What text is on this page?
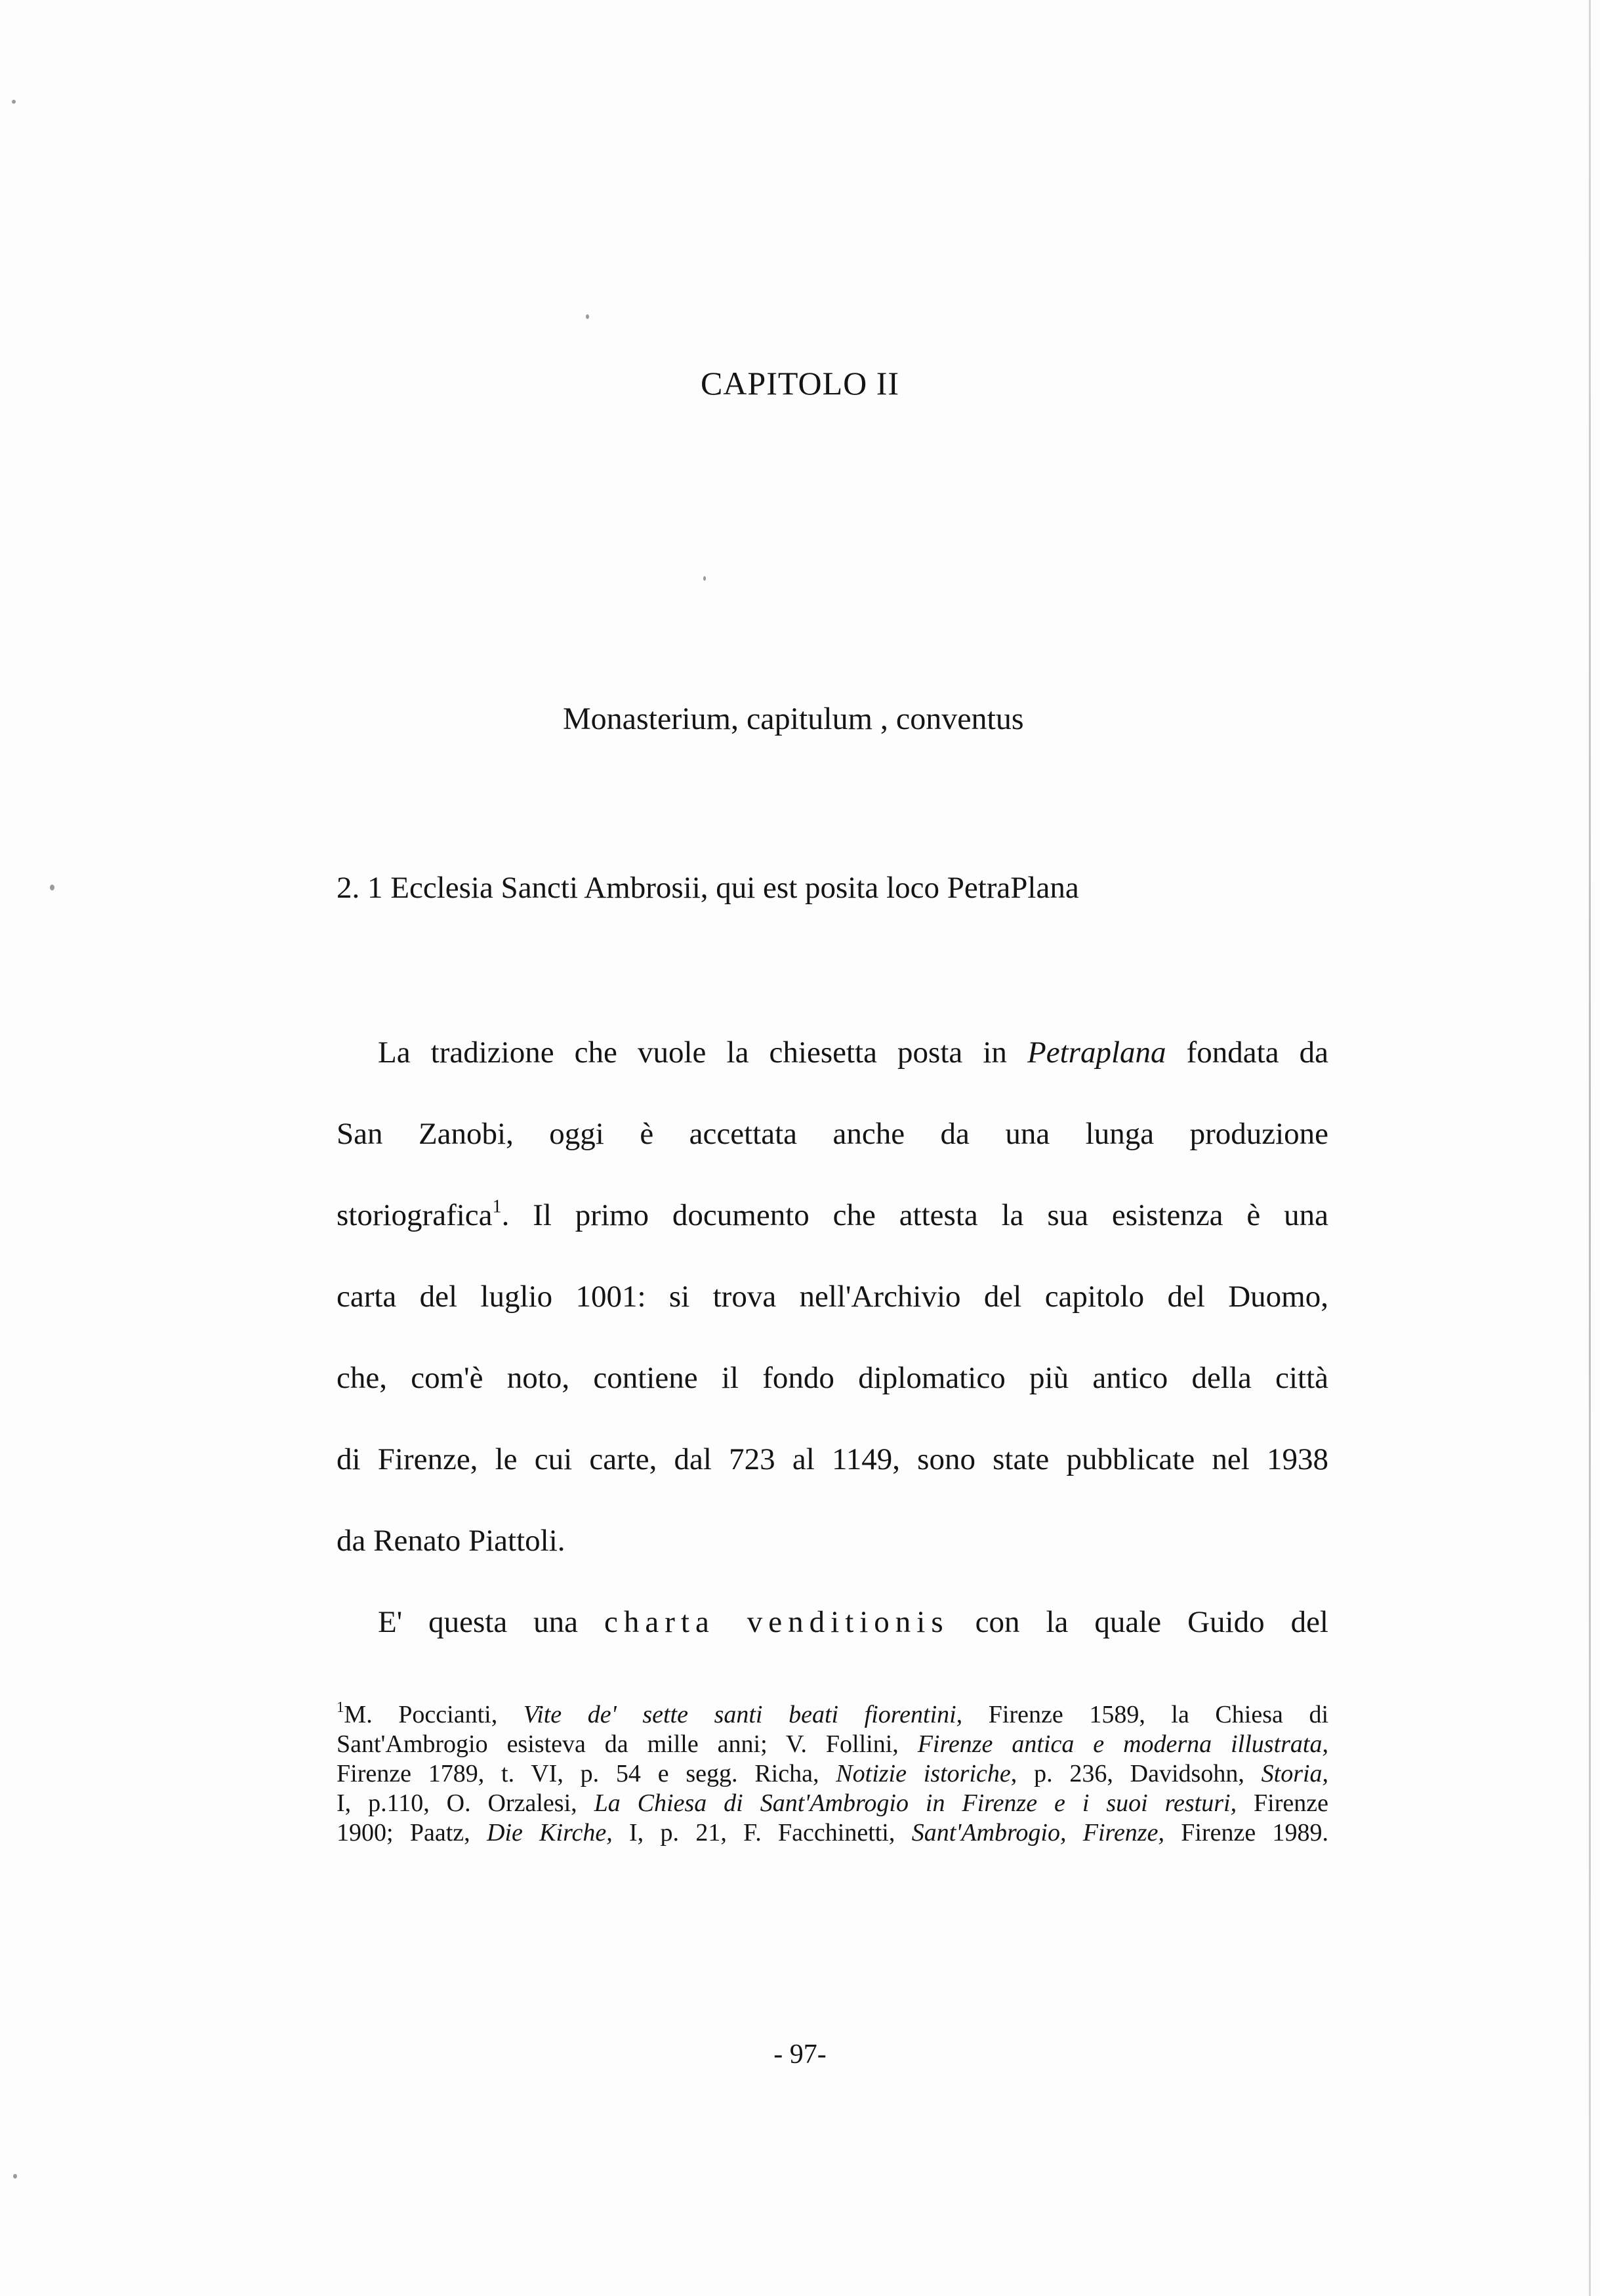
CAPITOLO II
Monasterium, capitulum , conventus
2. 1 Ecclesia Sancti Ambrosii, qui est posita loco PetraPlana
La tradizione che vuole la chiesetta posta in Petraplana fondata da
San Zanobi, oggi è accettata anche da una lunga produzione
storiografica$^1$. Il primo documento che attesta la sua esistenza è una
carta del luglio 1001: si trova nell'Archivio del capitolo del Duomo,
che, com'è noto, contiene il fondo diplomatico più antico della città
di Firenze, le cui carte, dal 723 al 1149, sono state pubblicate nel 1938
da Renato Piattoli.
E' questa una charta venditionis con la quale Guido del
$^1$M. Poccianti, Vite de' sette santi beati fiorentini, Firenze 1589, la Chiesa di
Sant'Ambrogio esisteva da mille anni; V. Follini, Firenze antica e moderna illustrata,
Firenze 1789, t. VI, p. 54 e segg. Richa, Notizie istoriche, p. 236, Davidsohn, Storia,
I, p.110, O. Orzalesi, La Chiesa di Sant'Ambrogio in Firenze e i suoi resturi, Firenze
1900; Paatz, Die Kirche, I, p. 21, F. Facchinetti, Sant'Ambrogio, Firenze, Firenze 1989.
- 97-
